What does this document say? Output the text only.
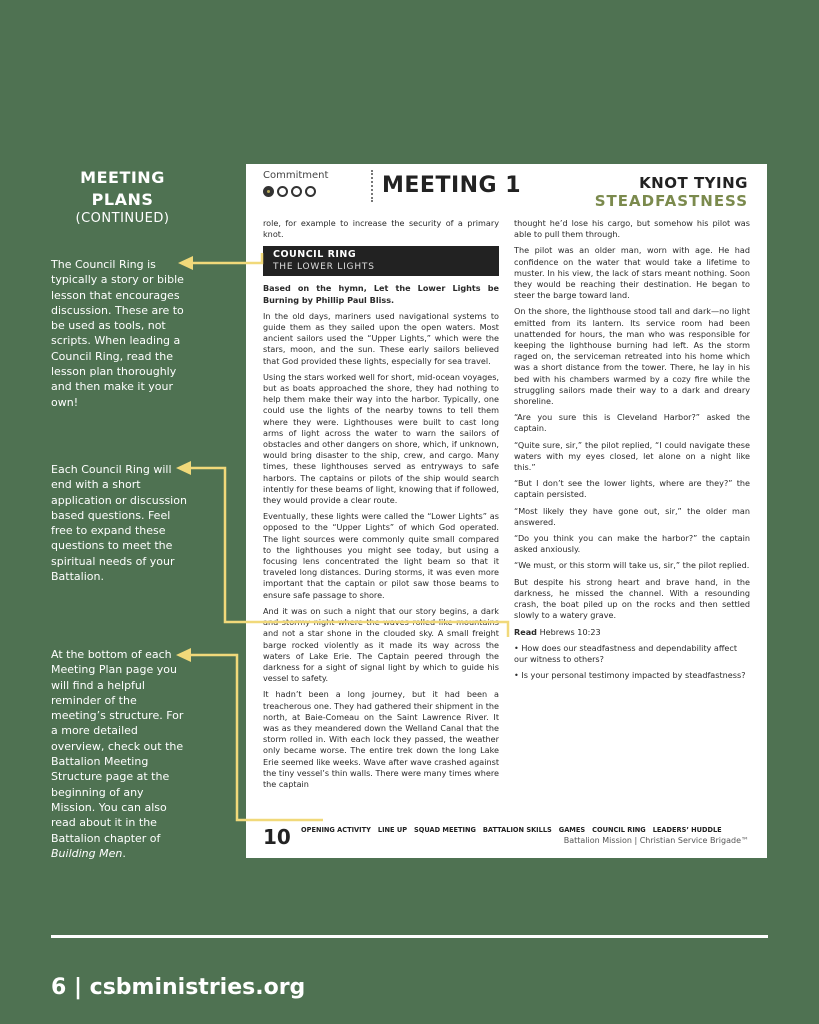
MEETING
PLANS
(CONTINUED)
The Council Ring is typically a story or bible lesson that encourages discussion. These are to be used as tools, not scripts. When leading a Council Ring, read the lesson plan thoroughly and then make it your own!
Each Council Ring will end with a short application or discussion based questions. Feel free to expand these questions to meet the spiritual needs of your Battalion.
At the bottom of each Meeting Plan page you will find a helpful reminder of the meeting’s structure. For a more detailed overview, check out the Battalion Meeting Structure page at the beginning of any Mission. You can also read about it in the Battalion chapter of Building Men.
Commitment MEETING 1	KNOT TYING
STEADFASTNESS

role, for example to increase the security of a primary knot.

COUNCIL RING
THE LOWER LIGHTS

Based on the hymn, Let the Lower Lights be Burning by Phillip Paul Bliss.

In the old days, mariners used navigational systems to guide them as they sailed upon the open waters. Most ancient sailors used the “Upper Lights,” which were the stars, moon, and the sun. These early sailors believed that God provided these lights, especially for sea travel.

Using the stars worked well for short, mid-ocean voyages, but as boats approached the shore, they had nothing to help them make their way into the harbor. Typically, one could use the lights of the nearby towns to tell them where they were. Lighthouses were built to cast long arms of light across the water to warn the sailors of obstacles and other dangers on shore, which, if unknown, would bring disaster to the ship, crew, and cargo. Many times, these lighthouses served as entryways to safe harbors. The captains or pilots of the ship would search intently for these beams of light, knowing that if followed, they would provide a clear route.

Eventually, these lights were called the “Lower Lights” as opposed to the “Upper Lights” of which God operated. The light sources were commonly quite small compared to the lighthouses you might see today, but using a focusing lens concentrated the light beam so that it traveled long distances. During storms, it was even more important that the captain or pilot saw those beams to ensure safe passage to shore.

And it was on such a night that our story begins, a dark and stormy night where the waves rolled like mountains and not a star shone in the clouded sky. A small freight barge rocked violently as it made its way across the waters of Lake Erie. The Captain peered through the darkness for a sight of signal light by which to guide his vessel to safety.

It hadn’t been a long journey, but it had been a treacherous one. They had gathered their shipment in the north, at Baie-Comeau on the Saint Lawrence River. It was as they meandered down the Welland Canal that the storm rolled in. With each lock they passed, the weather only became worse. The entire trek down the long Lake Erie seemed like weeks. Wave after wave crashed against the tiny vessel’s thin walls. There were many times where the captain

thought he’d lose his cargo, but somehow his pilot was able to pull them through.

The pilot was an older man, worn with age. He had confidence on the water that would take a lifetime to muster. In his view, the lack of stars meant nothing. Soon they would be reaching their destination. He began to steer the barge toward land.

On the shore, the lighthouse stood tall and dark—no light emitted from its lantern. Its service room had been unattended for hours, the man who was responsible for keeping the lighthouse burning had left. As the storm raged on, the serviceman retreated into his home which was a short distance from the tower. There, he lay in his bed with his chambers warmed by a cozy fire while the struggling sailors made their way to a dark and dreary shoreline.

“Are you sure this is Cleveland Harbor?” asked the captain.

“Quite sure, sir,” the pilot replied, “I could navigate these waters with my eyes closed, let alone on a night like this.”

“But I don’t see the lower lights, where are they?” the captain persisted.

“Most likely they have gone out, sir,” the older man answered.

“Do you think you can make the harbor?” the captain asked anxiously.

“We must, or this storm will take us, sir,” the pilot replied.

But despite his strong heart and brave hand, in the darkness, he missed the channel. With a resounding crash, the boat piled up on the rocks and then settled slowly to a watery grave.

Read Hebrews 10:23

• How does our steadfastness and dependability affect our witness to others?

• Is your personal testimony impacted by steadfastness?

10 OPENING ACTIVITY LINE UP SQUAD MEETING BATTALION SKILLS GAMES COUNCIL RING LEADERS’ HUDDLE
Battalion Mission | Christian Service Brigade™
6 | csbministries.org
